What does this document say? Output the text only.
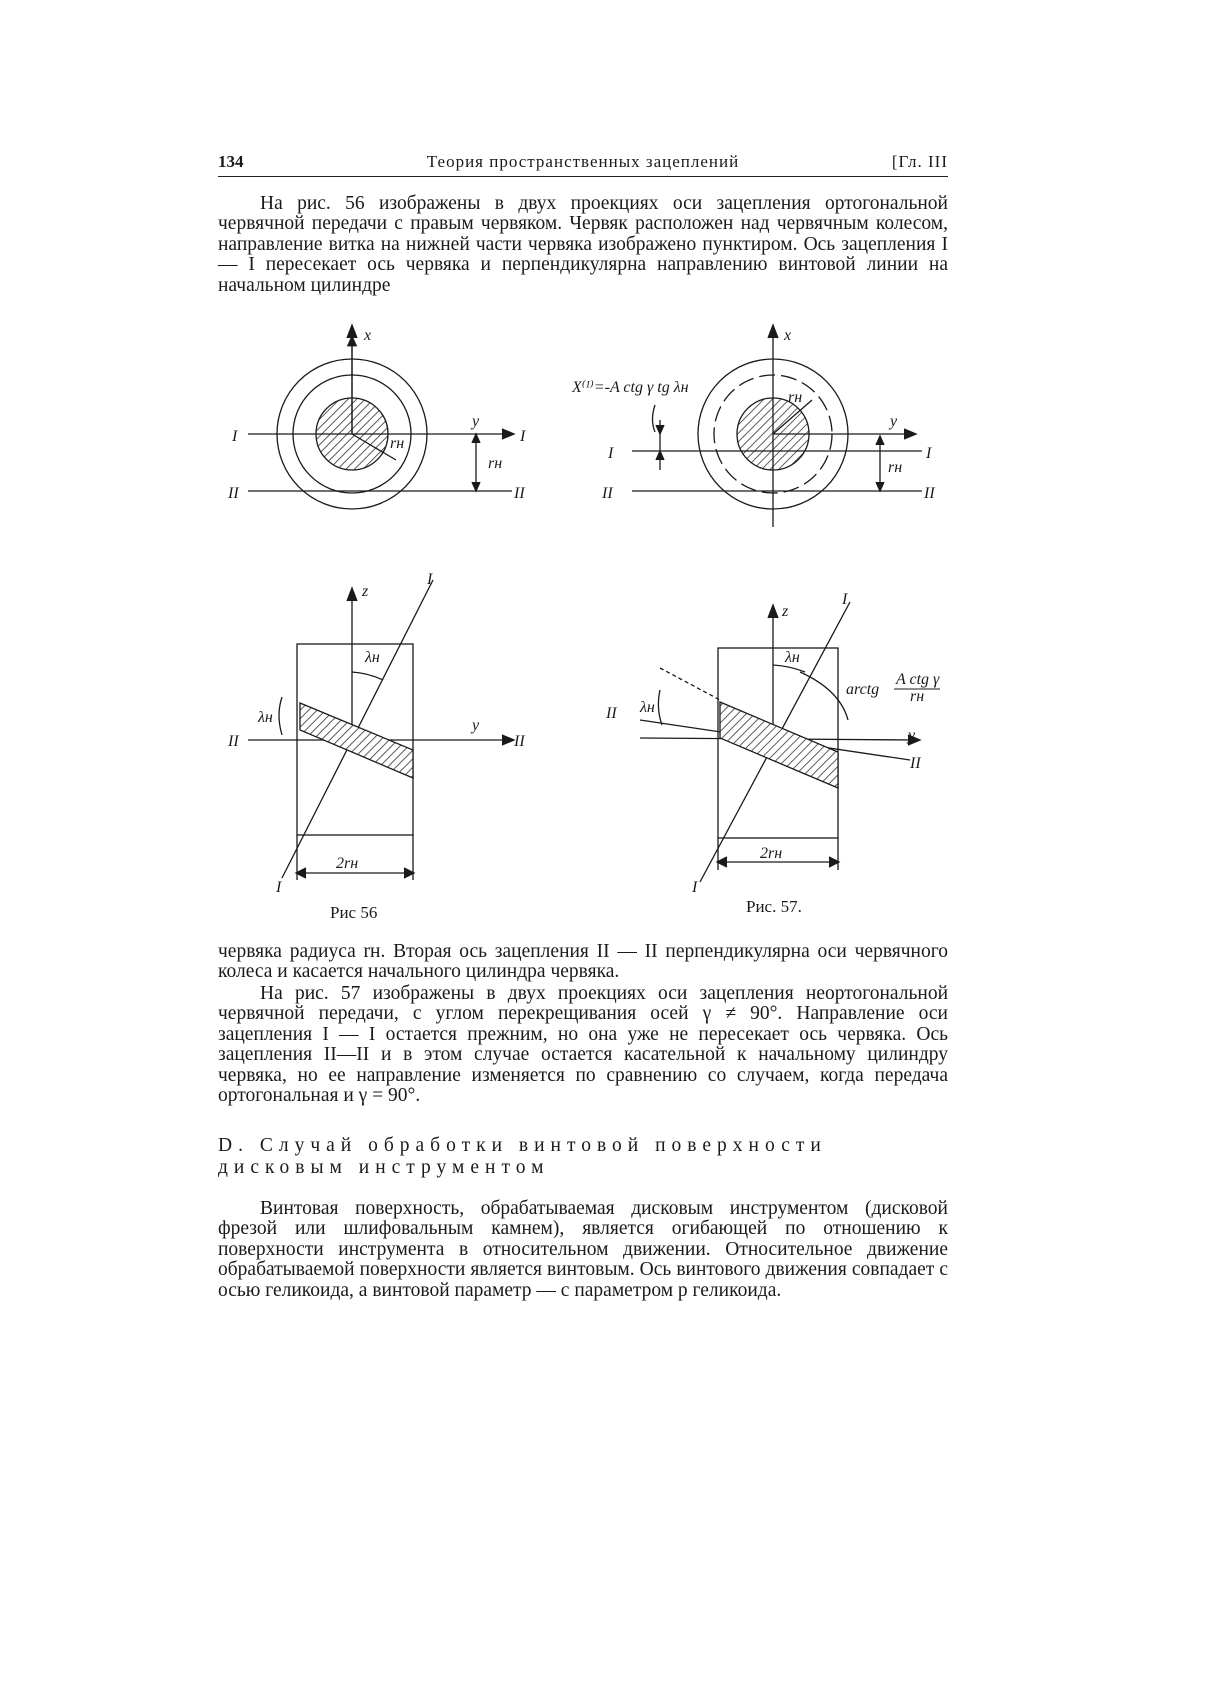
134	Теория пространственных зацеплений	[Гл. III

На рис. 56 изображены в двух проекциях оси зацепления ортогональной червячной передачи с правым червяком. Червяк расположен над червячным колесом, направление витка на нижней части червяка изображено пунктиром. Ось зацепления I — I пересекает ось червяка и перпендикулярна направлению винтовой линии на начальном цилиндре

x
y
I	I
II	II
rн
rн
x
y
I	I
II	II
rн
rн
X⁽ᴵ⁾=-A ctg γ tg λн
z
I
y
II	II
λн
λн
2rн
I
z
I
y
II
II
λн
λн
2rн
I
arctg
A ctg γ
rн
Рис 56	Рис. 57.

червяка радиуса rн. Вторая ось зацепления II — II перпендикулярна оси червячного колеса и касается начального цилиндра червяка.

На рис. 57 изображены в двух проекциях оси зацепления неортогональной червячной передачи, с углом перекрещивания осей γ ≠ 90°. Направление оси зацепления I — I остается прежним, но она уже не пересекает ось червяка. Ось зацепления II—II и в этом случае остается касательной к начальному цилиндру червяка, но ее направление изменяется по сравнению со случаем, когда передача ортогональная и γ = 90°.

D. Случай обработки винтовой поверхности дисковым инструментом

Винтовая поверхность, обрабатываемая дисковым инструментом (дисковой фрезой или шлифовальным камнем), является огибающей по отношению к поверхности инструмента в относительном движении. Относительное движение обрабатываемой поверхности является винтовым. Ось винтового движения совпадает с осью геликоида, а винтовой параметр — с параметром p геликоида.
